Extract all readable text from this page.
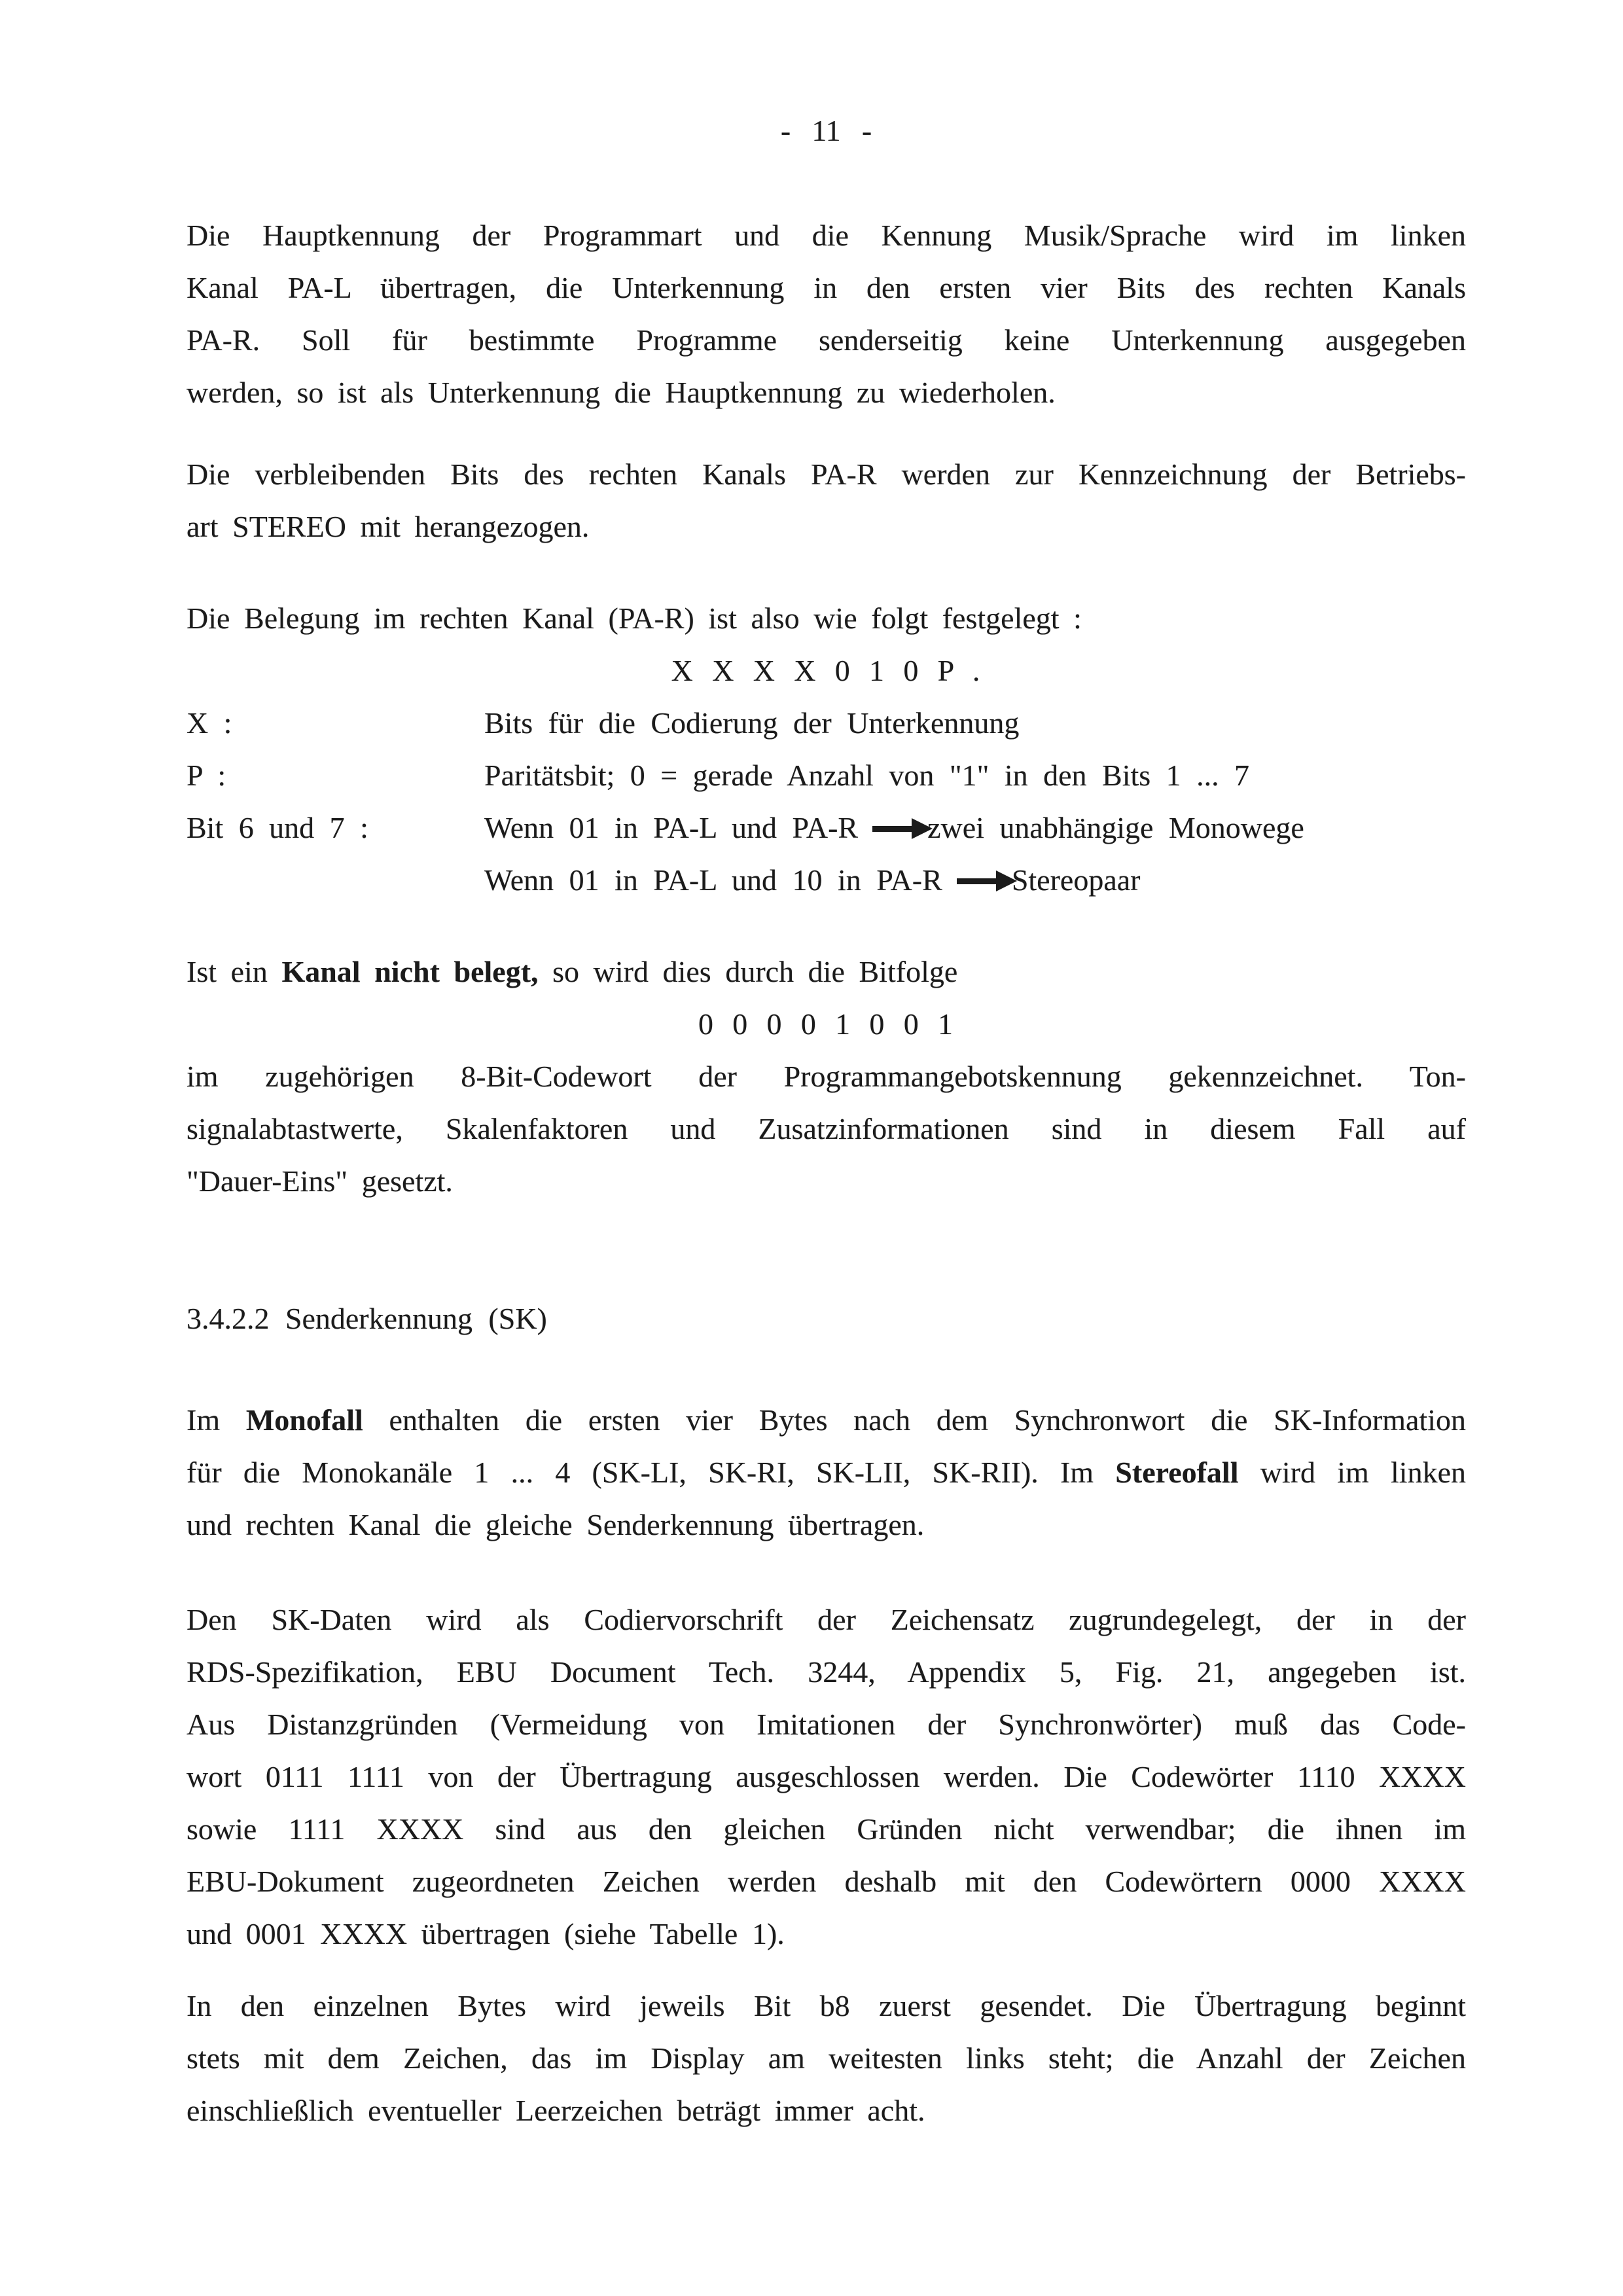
- 11 -
Die Hauptkennung der Programmart und die Kennung Musik/Sprache wird im linken
Kanal PA-L übertragen, die Unterkennung in den ersten vier Bits des rechten Kanals
PA-R. Soll für bestimmte Programme senderseitig keine Unterkennung ausgegeben
werden, so ist als Unterkennung die Hauptkennung zu wiederholen.
Die verbleibenden Bits des rechten Kanals PA-R werden zur Kennzeichnung der Betriebs-
art STEREO mit herangezogen.
Die Belegung im rechten Kanal (PA-R) ist also wie folgt festgelegt :
X X X X 0 1 0 P .
X :	Bits für die Codierung der Unterkennung
P :	Paritätsbit; 0 = gerade Anzahl von "1" in den Bits 1 ... 7
Bit 6 und 7 :	Wenn 01 in PA-L und PA-R zwei unabhängige Monowege
Wenn 01 in PA-L und 10 in PA-R Stereopaar
Ist ein Kanal nicht belegt, so wird dies durch die Bitfolge
0 0 0 0 1 0 0 1
im zugehörigen 8-Bit-Codewort der Programmangebotskennung gekennzeichnet. Ton-
signalabtastwerte, Skalenfaktoren und Zusatzinformationen sind in diesem Fall auf
"Dauer-Eins" gesetzt.
3.4.2.2 Senderkennung (SK)
Im Monofall enthalten die ersten vier Bytes nach dem Synchronwort die SK-Information
für die Monokanäle 1 ... 4 (SK-LI, SK-RI, SK-LII, SK-RII). Im Stereofall wird im linken
und rechten Kanal die gleiche Senderkennung übertragen.
Den SK-Daten wird als Codiervorschrift der Zeichensatz zugrundegelegt, der in der
RDS-Spezifikation, EBU Document Tech. 3244, Appendix 5, Fig. 21, angegeben ist.
Aus Distanzgründen (Vermeidung von Imitationen der Synchronwörter) muß das Code-
wort 0111 1111 von der Übertragung ausgeschlossen werden. Die Codewörter 1110 XXXX
sowie 1111 XXXX sind aus den gleichen Gründen nicht verwendbar; die ihnen im
EBU-Dokument zugeordneten Zeichen werden deshalb mit den Codewörtern 0000 XXXX
und 0001 XXXX übertragen (siehe Tabelle 1).
In den einzelnen Bytes wird jeweils Bit b8 zuerst gesendet. Die Übertragung beginnt
stets mit dem Zeichen, das im Display am weitesten links steht; die Anzahl der Zeichen
einschließlich eventueller Leerzeichen beträgt immer acht.
